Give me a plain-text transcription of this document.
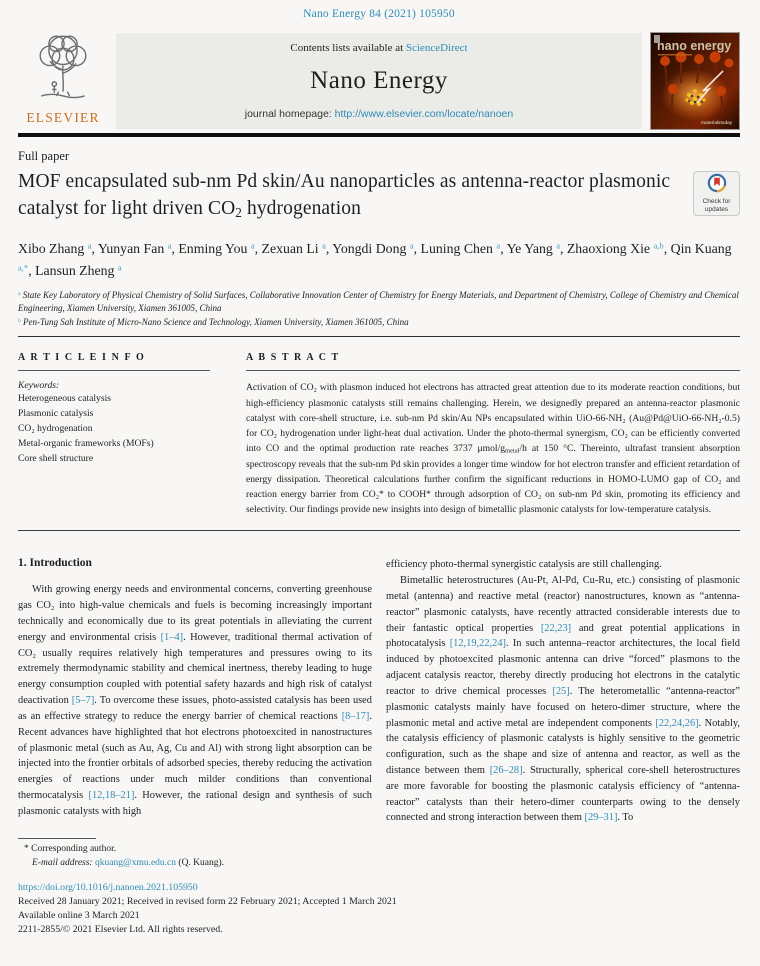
Nano Energy 84 (2021) 105950
ELSEVIER
Contents lists available at ScienceDirect
Nano Energy
journal homepage: http://www.elsevier.com/locate/nanoen
nano energy
materialstoday
Full paper
MOF encapsulated sub-nm Pd skin/Au nanoparticles as antenna-reactor plasmonic catalyst for light driven $CO_2$ hydrogenation	Check for
updates
Xibo Zhang $^a$, Yunyan Fan $^a$, Enming You $^a$, Zexuan Li $^a$, Yongdi Dong $^a$, Luning Chen $^a$, Ye Yang $^a$, Zhaoxiong Xie $^{a,b}$, Qin Kuang $^{a,*}$, Lansun Zheng $^a$
$^a$ State Key Laboratory of Physical Chemistry of Solid Surfaces, Collaborative Innovation Center of Chemistry for Energy Materials, and Department of Chemistry, College of Chemistry and Chemical Engineering, Xiamen University, Xiamen 361005, China
$^b$ Pen-Tung Sah Institute of Micro-Nano Science and Technology, Xiamen University, Xiamen 361005, China
A R T I C L E I N F O
Keywords:
Heterogeneous catalysis
Plasmonic catalysis
CO₂ hydrogenation
Metal-organic frameworks (MOFs)
Core shell structure
A B S T R A C T
Activation of CO₂ with plasmon induced hot electrons has attracted great attention due to its moderate reaction conditions, but high-efficiency plasmonic catalysts still remains challenging. Herein, we designedly prepared an antenna-reactor plasmonic catalyst with core-shell structure, i.e. sub-nm Pd skin/Au NPs encapsulated within UiO-66-NH₂ (Au@Pd@UiO-66-NH₂-0.5) for CO₂ hydrogenation under light-heat dual activation. Under the photo-thermal synergism, CO₂ can be efficiently converted into CO and the optimal production rate reaches 3737 μmol/$g_{metal}/h$ at 150 °C. Thereinto, ultrafast transient absorption spectroscopy reveals that the sub-nm Pd skin provides a longer time window for hot electron transfer and efficient retardation of energy dissipation. Theoretical calculations further confirm the significant reductions in HOMO-LUMO gap of CO₂ and reaction energy barrier from CO₂* to COOH* through adsorption of CO₂ on sub-nm Pd skin, promoting its efficiency and selectivity. Our findings provide new insights into design of bimetallic plasmonic catalysts for low-temperature catalysis.
1. Introduction

With growing energy needs and environmental concerns, converting greenhouse gas CO₂ into high-value chemicals and fuels is becoming increasingly important technically and economically due to its great potentials in alleviating the current energy and environmental crisis [1–4]. However, traditional thermal activation of CO₂ usually requires relatively high temperatures and pressures owing to its extremely thermodynamic stability and chemical inertness, thereby leading to huge energy consumption coupled with potential safety hazards and high risk of catalyst deactivation [5–7]. To overcome these issues, photo-assisted catalysis has been used as an effective strategy to reduce the energy barrier of chemical reactions [8–17]. Recent advances have highlighted that hot electrons photoexcited in nanostructures of plasmonic metal (such as Au, Ag, Cu and Al) with strong light absorption can be injected into the frontier orbitals of adsorbed species, thereby reducing the activation energies of reactions under much milder conditions than conventional thermocatalysis [12,18–21]. However, the rational design and synthesis of such plasmonic catalysts with high

efficiency photo-thermal synergistic catalysis are still challenging.

Bimetallic heterostructures (Au-Pt, Al-Pd, Cu-Ru, etc.) consisting of plasmonic metal (antenna) and reactive metal (reactor) nanostructures, known as “antenna-reactor” plasmonic catalysts, have recently attracted considerable interests due to their fantastic optical properties [22,23] and great potential applications in photocatalysis [12,19,22,24]. In such antenna–reactor architectures, the local field induced by photoexcited plasmonic antenna can drive “forced” plasmons to the adjacent catalysis reactor, thereby directly producing hot electrons in the catalytic reactor to drive chemical processes [25]. The heterometallic “antenna-reactor” plasmonic catalysts mainly have focused on hetero-dimer structure, where the plasmonic metal and active metal are independent components [22,24,26]. Notably, the catalysis efficiency of plasmonic catalysts is highly sensitive to the geometric configuration, such as the shape and size of antenna and reactor, as well as the distance between them [26–28]. Structurally, spherical core-shell heterostructures are more favorable for boosting the plasmonic catalysis efficiency of “antenna-reactor” catalysts than their hetero-dimer counterparts owing to the densely connected and strong interaction between them [29–31]. To

* Corresponding author.
E-mail address: qkuang@xmu.edu.cn (Q. Kuang).
https://doi.org/10.1016/j.nanoen.2021.105950
Received 28 January 2021; Received in revised form 22 February 2021; Accepted 1 March 2021
Available online 3 March 2021
2211-2855/© 2021 Elsevier Ltd. All rights reserved.
